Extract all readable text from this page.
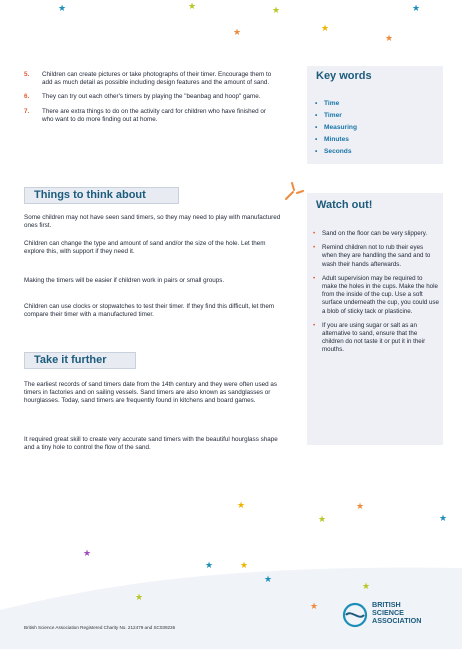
★	★	★
★	★
★
★
★	★
★	★
★
★	★
★
★
★
★
5. Children can create pictures or take photographs of their timer. Encourage them to add as much detail as possible including design features and the amount of sand.
6. They can try out each other's timers by playing the "beanbag and hoop" game.
7. There are extra things to do on the activity card for children who have finished or who want to do more finding out at home.
Things to think about

Some children may not have seen sand timers, so they may need to play with manufactured ones first.

Children can change the type and amount of sand and/or the size of the hole. Let them explore this, with support if they need it.

Making the timers will be easier if children work in pairs or small groups.

Children can use clocks or stopwatches to test their timer. If they find this difficult, let them compare their timer with a manufactured timer.

Take it further

The earliest records of sand timers date from the 14th century and they were often used as timers in factories and on sailing vessels. Sand timers are also known as sandglasses or hourglasses. Today, sand timers are frequently found in kitchens and board games.

It required great skill to create very accurate sand timers with the beautiful hourglass shape and a tiny hole to control the flow of the sand.

Key words
• Time
• Timer
• Measuring
• Minutes
• Seconds
Watch out!
• Sand on the floor can be very slippery.
• Remind children not to rub their eyes when they are handling the sand and to wash their hands afterwards.
• Adult supervision may be required to make the holes in the cups. Make the hole from the inside of the cup. Use a soft surface underneath the cup, you could use a blob of sticky tack or plasticine.
• If you are using sugar or salt as an alternative to sand, ensure that the children do not taste it or put it in their mouths.
BRITISH
SCIENCE
ASSOCIATION
British Science Association Registered Charity No. 212479 and SC039236
